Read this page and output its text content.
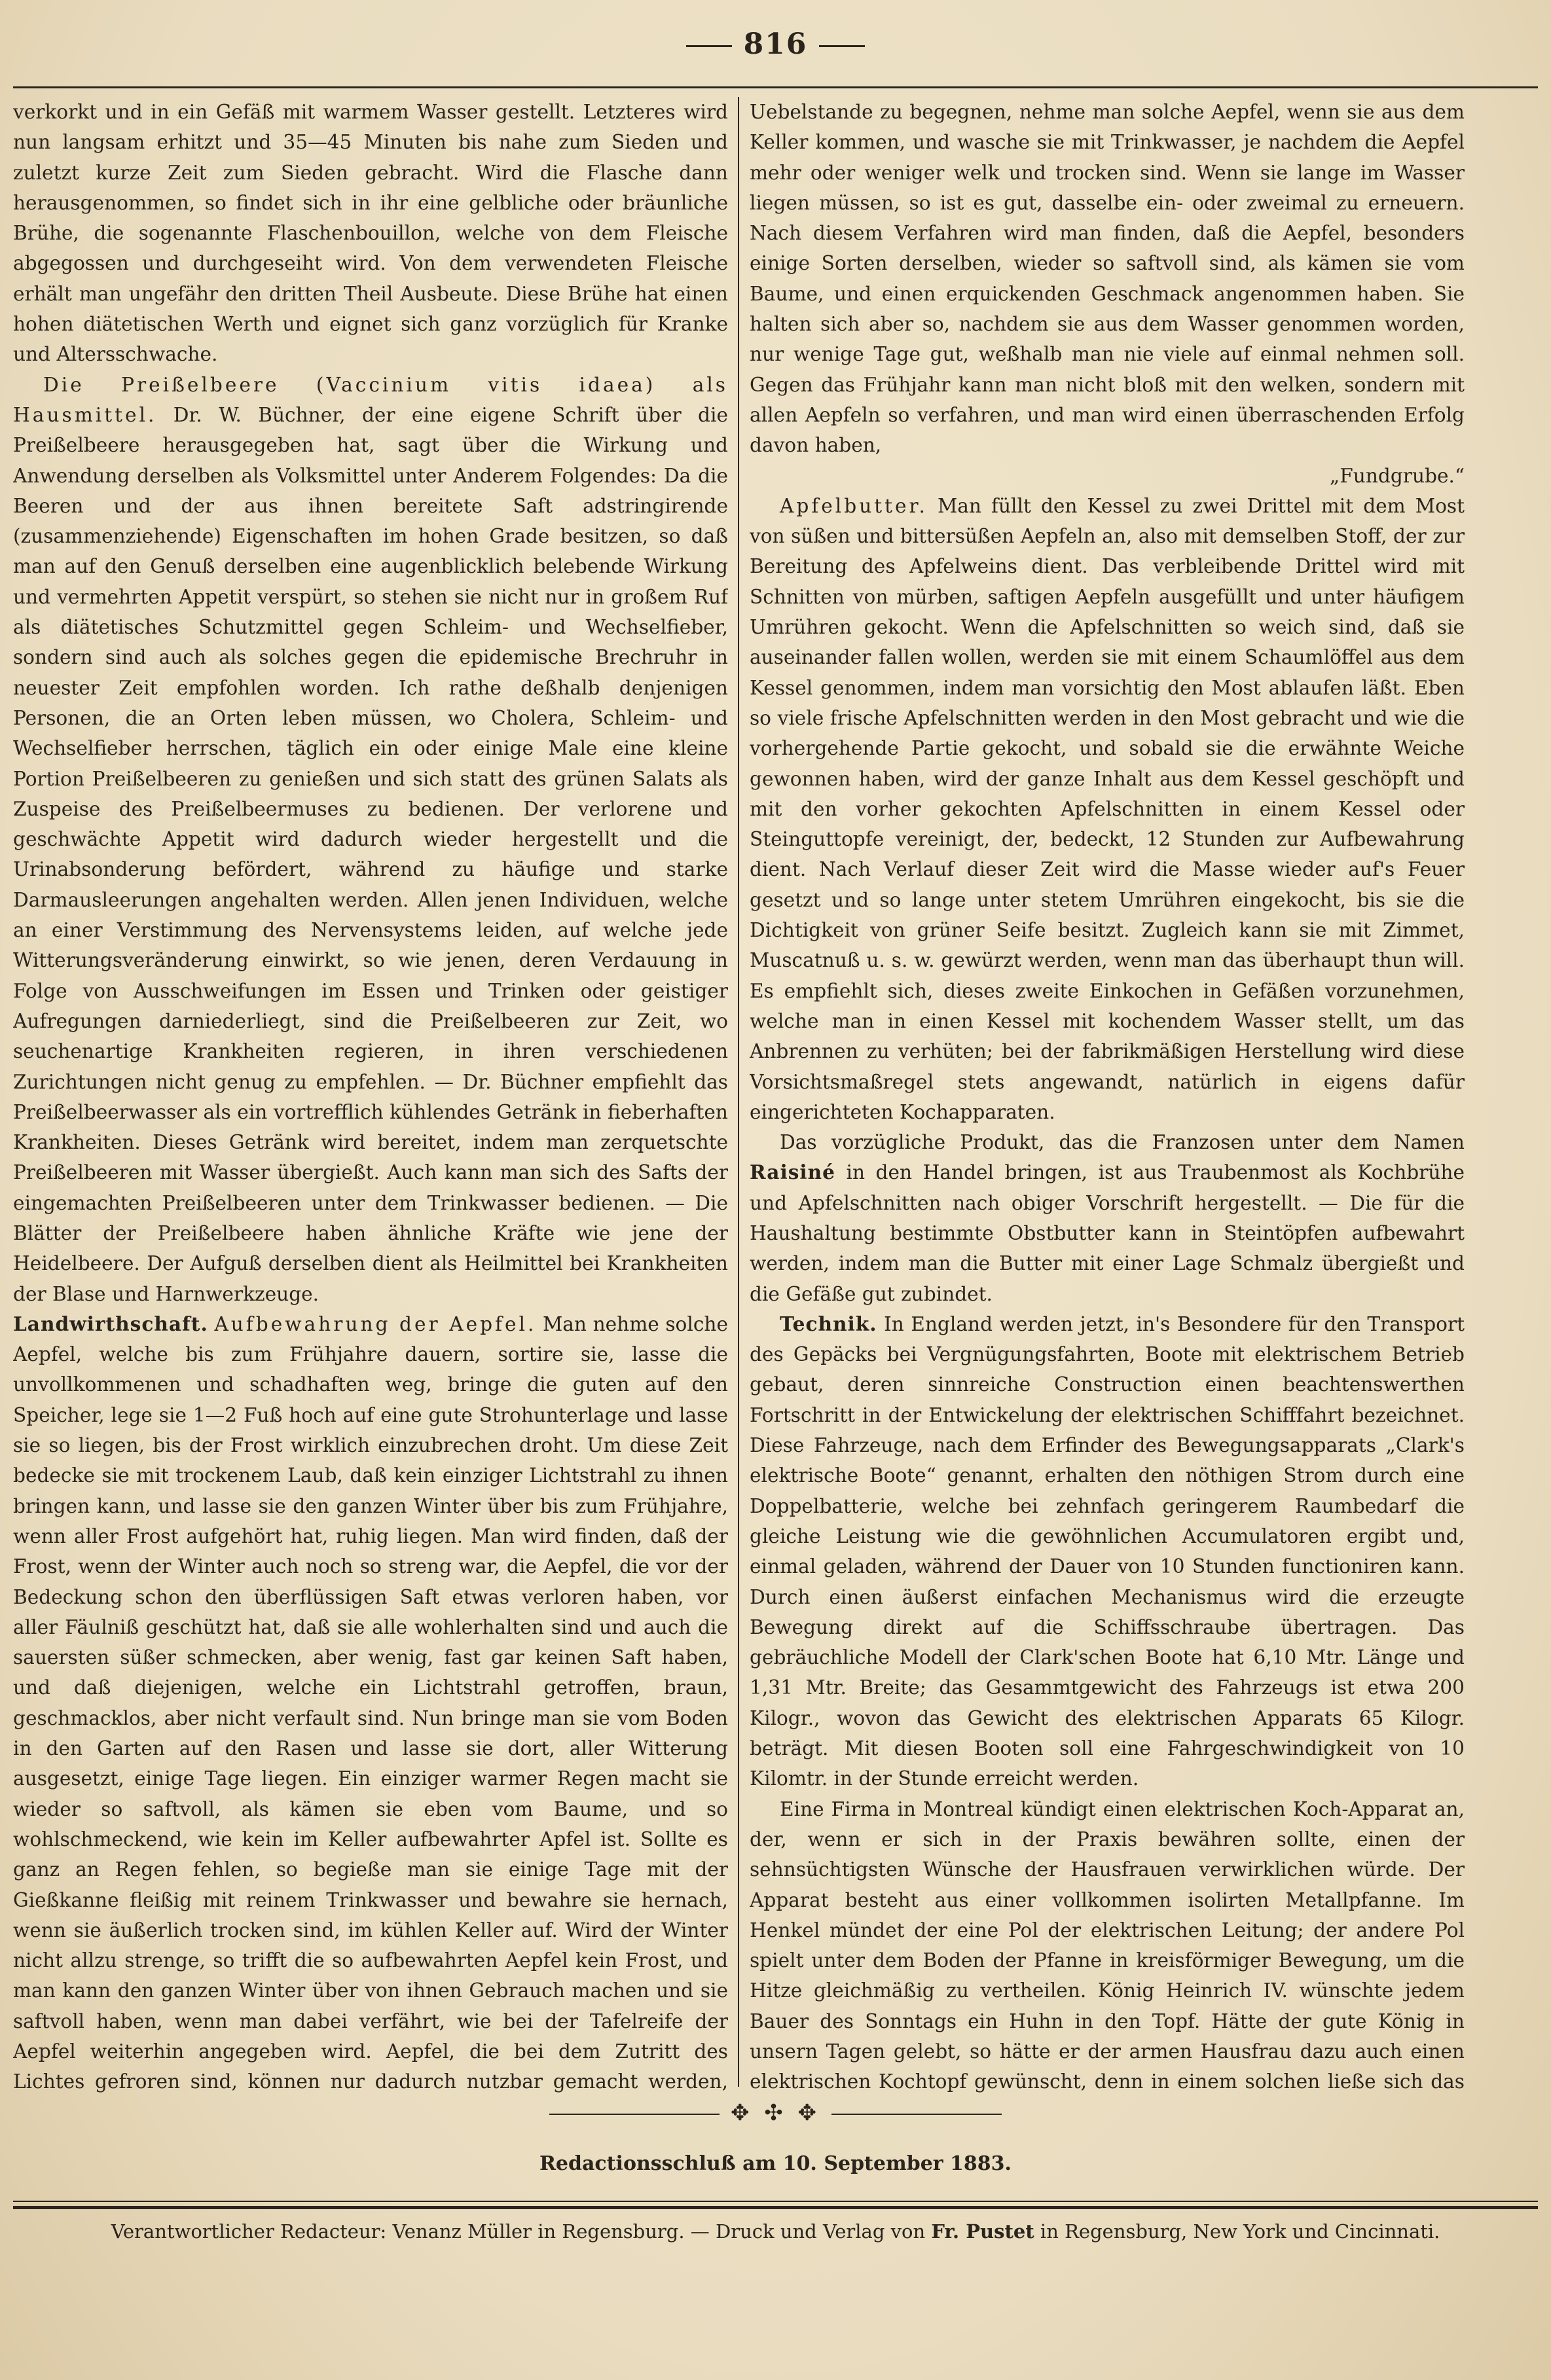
816

verkorkt und in ein Gefäß mit warmem Wasser gestellt. Letzteres wird nun langsam erhitzt und 35—45 Minuten bis nahe zum Sieden und zuletzt kurze Zeit zum Sieden gebracht. Wird die Flasche dann herausgenommen, so findet sich in ihr eine gelbliche oder bräunliche Brühe, die sogenannte Flaschenbouillon, welche von dem Fleische abgegossen und durchgeseiht wird. Von dem verwendeten Fleische erhält man ungefähr den dritten Theil Ausbeute. Diese Brühe hat einen hohen diätetischen Werth und eignet sich ganz vorzüglich für Kranke und Altersschwache.

Die Preißelbeere (Vaccinium vitis idaea) als Hausmittel. Dr. W. Büchner, der eine eigene Schrift über die Preißelbeere herausgegeben hat, sagt über die Wirkung und Anwendung derselben als Volksmittel unter Anderem Folgendes: Da die Beeren und der aus ihnen bereitete Saft adstringirende (zusammenziehende) Eigenschaften im hohen Grade besitzen, so daß man auf den Genuß derselben eine augenblicklich belebende Wirkung und vermehrten Appetit verspürt, so stehen sie nicht nur in großem Ruf als diätetisches Schutzmittel gegen Schleim- und Wechselfieber, sondern sind auch als solches gegen die epidemische Brechruhr in neuester Zeit empfohlen worden. Ich rathe deßhalb denjenigen Personen, die an Orten leben müssen, wo Cholera, Schleim- und Wechselfieber herrschen, täglich ein oder einige Male eine kleine Portion Preißelbeeren zu genießen und sich statt des grünen Salats als Zuspeise des Preißelbeermuses zu bedienen. Der verlorene und geschwächte Appetit wird dadurch wieder hergestellt und die Urinabsonderung befördert, während zu häufige und starke Darmausleerungen angehalten werden. Allen jenen Individuen, welche an einer Verstimmung des Nervensystems leiden, auf welche jede Witterungsveränderung einwirkt, so wie jenen, deren Verdauung in Folge von Ausschweifungen im Essen und Trinken oder geistiger Aufregungen darniederliegt, sind die Preißelbeeren zur Zeit, wo seuchenartige Krankheiten regieren, in ihren verschiedenen Zurichtungen nicht genug zu empfehlen. — Dr. Büchner empfiehlt das Preißelbeerwasser als ein vortrefflich kühlendes Getränk in fieberhaften Krankheiten. Dieses Getränk wird bereitet, indem man zerquetschte Preißelbeeren mit Wasser übergießt. Auch kann man sich des Safts der eingemachten Preißelbeeren unter dem Trinkwasser bedienen. — Die Blätter der Preißelbeere haben ähnliche Kräfte wie jene der Heidelbeere. Der Aufguß derselben dient als Heilmittel bei Krankheiten der Blase und Harnwerkzeuge.

Landwirthschaft. Aufbewahrung der Aepfel. Man nehme solche Aepfel, welche bis zum Frühjahre dauern, sortire sie, lasse die unvollkommenen und schadhaften weg, bringe die guten auf den Speicher, lege sie 1—2 Fuß hoch auf eine gute Strohunterlage und lasse sie so liegen, bis der Frost wirklich einzubrechen droht. Um diese Zeit bedecke sie mit trockenem Laub, daß kein einziger Lichtstrahl zu ihnen bringen kann, und lasse sie den ganzen Winter über bis zum Frühjahre, wenn aller Frost aufgehört hat, ruhig liegen. Man wird finden, daß der Frost, wenn der Winter auch noch so streng war, die Aepfel, die vor der Bedeckung schon den überflüssigen Saft etwas verloren haben, vor aller Fäulniß geschützt hat, daß sie alle wohlerhalten sind und auch die sauersten süßer schmecken, aber wenig, fast gar keinen Saft haben, und daß diejenigen, welche ein Lichtstrahl getroffen, braun, geschmacklos, aber nicht verfault sind. Nun bringe man sie vom Boden in den Garten auf den Rasen und lasse sie dort, aller Witterung ausgesetzt, einige Tage liegen. Ein einziger warmer Regen macht sie wieder so saftvoll, als kämen sie eben vom Baume, und so wohlschmeckend, wie kein im Keller aufbewahrter Apfel ist. Sollte es ganz an Regen fehlen, so begieße man sie einige Tage mit der Gießkanne fleißig mit reinem Trinkwasser und bewahre sie hernach, wenn sie äußerlich trocken sind, im kühlen Keller auf. Wird der Winter nicht allzu strenge, so trifft die so aufbewahrten Aepfel kein Frost, und man kann den ganzen Winter über von ihnen Gebrauch machen und sie saftvoll haben, wenn man dabei verfährt, wie bei der Tafelreife der Aepfel weiterhin angegeben wird. Aepfel, die bei dem Zutritt des Lichtes gefroren sind, können nur dadurch nutzbar gemacht werden,

Uebelstande zu begegnen, nehme man solche Aepfel, wenn sie aus dem Keller kommen, und wasche sie mit Trinkwasser, je nachdem die Aepfel mehr oder weniger welk und trocken sind. Wenn sie lange im Wasser liegen müssen, so ist es gut, dasselbe ein- oder zweimal zu erneuern. Nach diesem Verfahren wird man finden, daß die Aepfel, besonders einige Sorten derselben, wieder so saftvoll sind, als kämen sie vom Baume, und einen erquickenden Geschmack angenommen haben. Sie halten sich aber so, nachdem sie aus dem Wasser genommen worden, nur wenige Tage gut, weßhalb man nie viele auf einmal nehmen soll. Gegen das Frühjahr kann man nicht bloß mit den welken, sondern mit allen Aepfeln so verfahren, und man wird einen überraschenden Erfolg davon haben,

„Fundgrube.“

Apfelbutter. Man füllt den Kessel zu zwei Drittel mit dem Most von süßen und bittersüßen Aepfeln an, also mit demselben Stoff, der zur Bereitung des Apfelweins dient. Das verbleibende Drittel wird mit Schnitten von mürben, saftigen Aepfeln ausgefüllt und unter häufigem Umrühren gekocht. Wenn die Apfelschnitten so weich sind, daß sie auseinander fallen wollen, werden sie mit einem Schaumlöffel aus dem Kessel genommen, indem man vorsichtig den Most ablaufen läßt. Eben so viele frische Apfelschnitten werden in den Most gebracht und wie die vorhergehende Partie gekocht, und sobald sie die erwähnte Weiche gewonnen haben, wird der ganze Inhalt aus dem Kessel geschöpft und mit den vorher gekochten Apfelschnitten in einem Kessel oder Steinguttopfe vereinigt, der, bedeckt, 12 Stunden zur Aufbewahrung dient. Nach Verlauf dieser Zeit wird die Masse wieder auf's Feuer gesetzt und so lange unter stetem Umrühren eingekocht, bis sie die Dichtigkeit von grüner Seife besitzt. Zugleich kann sie mit Zimmet, Muscatnuß u. s. w. gewürzt werden, wenn man das überhaupt thun will. Es empfiehlt sich, dieses zweite Einkochen in Gefäßen vorzunehmen, welche man in einen Kessel mit kochendem Wasser stellt, um das Anbrennen zu verhüten; bei der fabrikmäßigen Herstellung wird diese Vorsichtsmaßregel stets angewandt, natürlich in eigens dafür eingerichteten Kochapparaten.

Das vorzügliche Produkt, das die Franzosen unter dem Namen Raisiné in den Handel bringen, ist aus Traubenmost als Kochbrühe und Apfelschnitten nach obiger Vorschrift hergestellt. — Die für die Haushaltung bestimmte Obstbutter kann in Steintöpfen aufbewahrt werden, indem man die Butter mit einer Lage Schmalz übergießt und die Gefäße gut zubindet.

Technik. In England werden jetzt, in's Besondere für den Transport des Gepäcks bei Vergnügungsfahrten, Boote mit elektrischem Betrieb gebaut, deren sinnreiche Construction einen beachtenswerthen Fortschritt in der Entwickelung der elektrischen Schifffahrt bezeichnet. Diese Fahrzeuge, nach dem Erfinder des Bewegungsapparats „Clark's elektrische Boote“ genannt, erhalten den nöthigen Strom durch eine Doppelbatterie, welche bei zehnfach geringerem Raumbedarf die gleiche Leistung wie die gewöhnlichen Accumulatoren ergibt und, einmal geladen, während der Dauer von 10 Stunden functioniren kann. Durch einen äußerst einfachen Mechanismus wird die erzeugte Bewegung direkt auf die Schiffsschraube übertragen. Das gebräuchliche Modell der Clark'schen Boote hat 6,10 Mtr. Länge und 1,31 Mtr. Breite; das Gesammtgewicht des Fahrzeugs ist etwa 200 Kilogr., wovon das Gewicht des elektrischen Apparats 65 Kilogr. beträgt. Mit diesen Booten soll eine Fahrgeschwindigkeit von 10 Kilomtr. in der Stunde erreicht werden.

Eine Firma in Montreal kündigt einen elektrischen Koch-Apparat an, der, wenn er sich in der Praxis bewähren sollte, einen der sehnsüchtigsten Wünsche der Hausfrauen verwirklichen würde. Der Apparat besteht aus einer vollkommen isolirten Metallpfanne. Im Henkel mündet der eine Pol der elektrischen Leitung; der andere Pol spielt unter dem Boden der Pfanne in kreisförmiger Bewegung, um die Hitze gleichmäßig zu vertheilen. König Heinrich IV. wünschte jedem Bauer des Sonntags ein Huhn in den Topf. Hätte der gute König in unsern Tagen gelebt, so hätte er der armen Hausfrau dazu auch einen elektrischen Kochtopf gewünscht, denn in einem solchen ließe sich das

✥ ✣ ✥
Redactionsschluß am 10. September 1883.
Verantwortlicher Redacteur: Venanz Müller in Regensburg. — Druck und Verlag von Fr. Pustet in Regensburg, New York und Cincinnati.
